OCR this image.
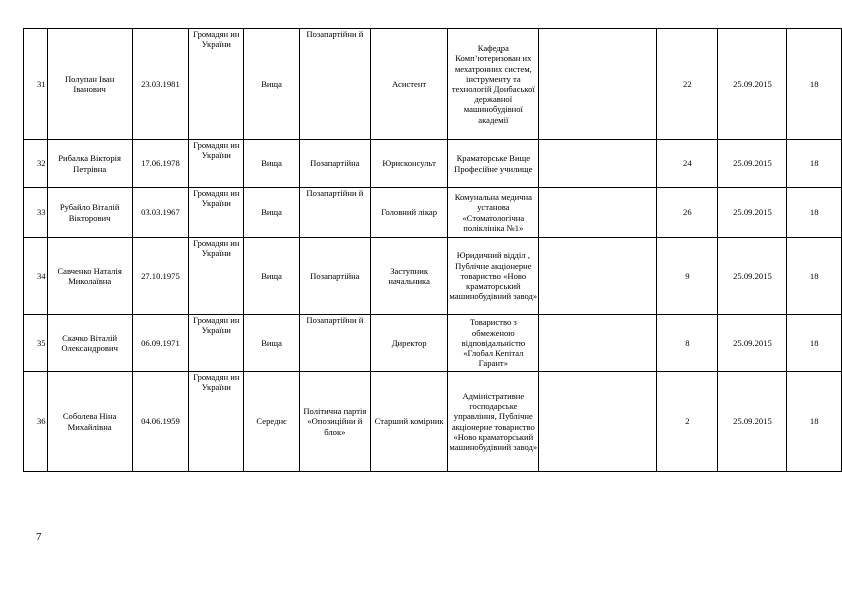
31	Полупан Іван Іванович	23.03.1981	Громадян ин України	Вища	Позапартійни й	Асистент	Кафедра Комп’ютеризован их мехатронних систем, інструменту та технологій Донбаської державної машинобудівної академії		22	25.09.2015	18
32	Рибалка Вікторія Петрівна	17.06.1978	Громадян ин України	Вища	Позапартійна	Юрисконсульт	Краматорське Вище Професійне училище		24	25.09.2015	18
33	Рубайло Віталій Вікторович	03.03.1967	Громадян ин України	Вища	Позапартійни й	Головний лікар	Комунальна медична установа «Стоматологічна поліклініка №1»		26	25.09.2015	18
34	Савченко Наталія Миколаївна	27.10.1975	Громадян ин України	Вища	Позапартійна	Заступник начальника	Юридичний відділ , Публічне акціонерне товариство «Ново краматорський машинобудівний завод»		9	25.09.2015	18
35	Скачко Віталій Олександрович	06.09.1971	Громадян ин України	Вища	Позапартійни й	Директор	Товариство з обмеженою відповідальністю «Глобал Кепітал Гарант»		8	25.09.2015	18
36	Соболева Ніна Михайлівна	04.06.1959	Громадян ин України	Середнє	Політична партія «Опозиційни й блок»	Старший комірник	Адміністративне господарське управління, Публічне акціонерне товариство «Ново краматорський машинобудівний завод»		2	25.09.2015	18
7
